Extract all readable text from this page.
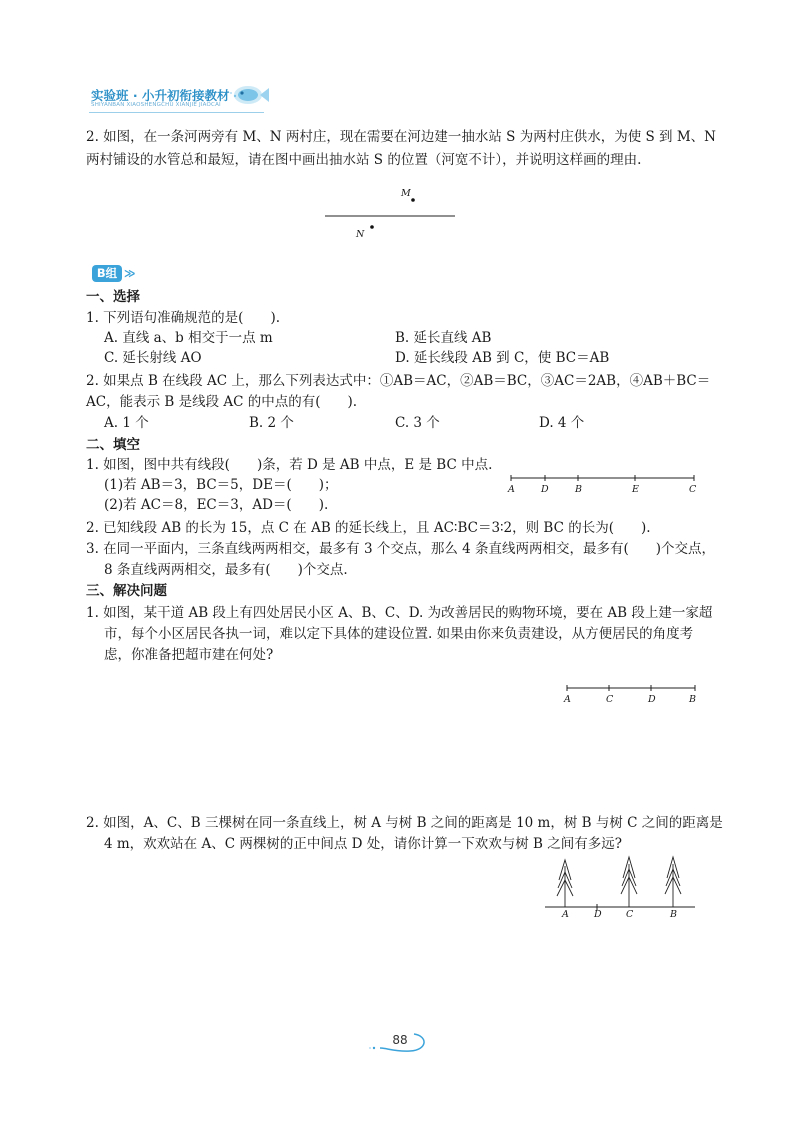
实验班 · 小升初衔接教材
SHIYANBAN XIAOSHENGCHU XIANJIE JIAOCAI
2. 如图，在一条河两旁有 M、N 两村庄，现在需要在河边建一抽水站 S 为两村庄供水，为使 S 到 M、N
两村铺设的水管总和最短，请在图中画出抽水站 S 的位置（河宽不计），并说明这样画的理由.
M
N
B组 ≫
一、选择
1. 下列语句准确规范的是(　　).
A. 直线 a、b 相交于一点 m	B. 延长直线 AB
C. 延长射线 AO	D. 延长线段 AB 到 C，使 BC＝AB
2. 如果点 B 在线段 AC 上，那么下列表达式中：①AB＝AC，②AB＝BC，③AC＝2AB，④AB＋BC＝
AC，能表示 B 是线段 AC 的中点的有(　　).
A. 1 个	B. 2 个	C. 3 个	D. 4 个
二、填空
1. 如图，图中共有线段(　　)条，若 D 是 AB 中点，E 是 BC 中点.
(1)若 AB＝3，BC＝5，DE＝(　　)；
(2)若 AC＝8，EC＝3，AD＝(　　).
A	D	B	E	C
2. 已知线段 AB 的长为 15，点 C 在 AB 的延长线上，且 AC∶BC＝3∶2，则 BC 的长为(　　).
3. 在同一平面内，三条直线两两相交，最多有 3 个交点，那么 4 条直线两两相交，最多有(　　)个交点，
8 条直线两两相交，最多有(　　)个交点.
三、解决问题
1. 如图，某干道 AB 段上有四处居民小区 A、B、C、D. 为改善居民的购物环境，要在 AB 段上建一家超
市，每个小区居民各执一词，难以定下具体的建设位置. 如果由你来负责建设，从方便居民的角度考
虑，你准备把超市建在何处?
A	C	D	B
2. 如图，A、C、B 三棵树在同一条直线上，树 A 与树 B 之间的距离是 10 m，树 B 与树 C 之间的距离是
4 m，欢欢站在 A、C 两棵树的正中间点 D 处，请你计算一下欢欢与树 B 之间有多远?
A	D	C	B
88
